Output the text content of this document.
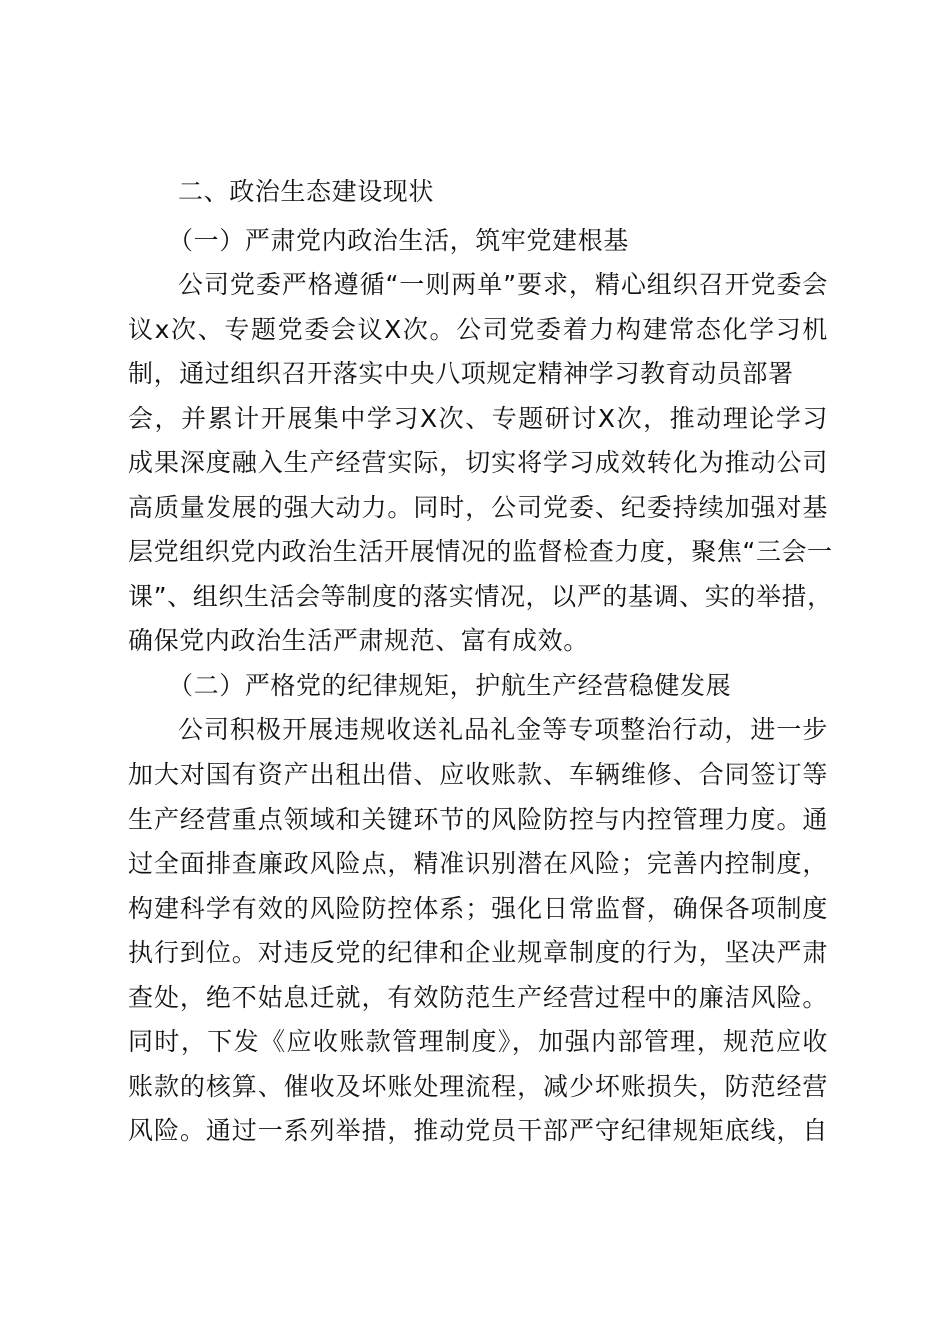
二、政治生态建设现状
（一）严肃党内政治生活，筑牢党建根基
公司党委严格遵循“一则两单”要求，精心组织召开党委会
议x次、专题党委会议X次。公司党委着力构建常态化学习机
制，通过组织召开落实中央八项规定精神学习教育动员部署
会，并累计开展集中学习X次、专题研讨X次，推动理论学习
成果深度融入生产经营实际，切实将学习成效转化为推动公司
高质量发展的强大动力。同时，公司党委、纪委持续加强对基
层党组织党内政治生活开展情况的监督检查力度，聚焦“三会一
课”、组织生活会等制度的落实情况，以严的基调、实的举措，
确保党内政治生活严肃规范、富有成效。
（二）严格党的纪律规矩，护航生产经营稳健发展
公司积极开展违规收送礼品礼金等专项整治行动，进一步
加大对国有资产出租出借、应收账款、车辆维修、合同签订等
生产经营重点领域和关键环节的风险防控与内控管理力度。通
过全面排查廉政风险点，精准识别潜在风险；完善内控制度，
构建科学有效的风险防控体系；强化日常监督，确保各项制度
执行到位。对违反党的纪律和企业规章制度的行为，坚决严肃
查处，绝不姑息迁就，有效防范生产经营过程中的廉洁风险。
同时，下发《应收账款管理制度》，加强内部管理，规范应收
账款的核算、催收及坏账处理流程，减少坏账损失，防范经营
风险。通过一系列举措，推动党员干部严守纪律规矩底线，自
